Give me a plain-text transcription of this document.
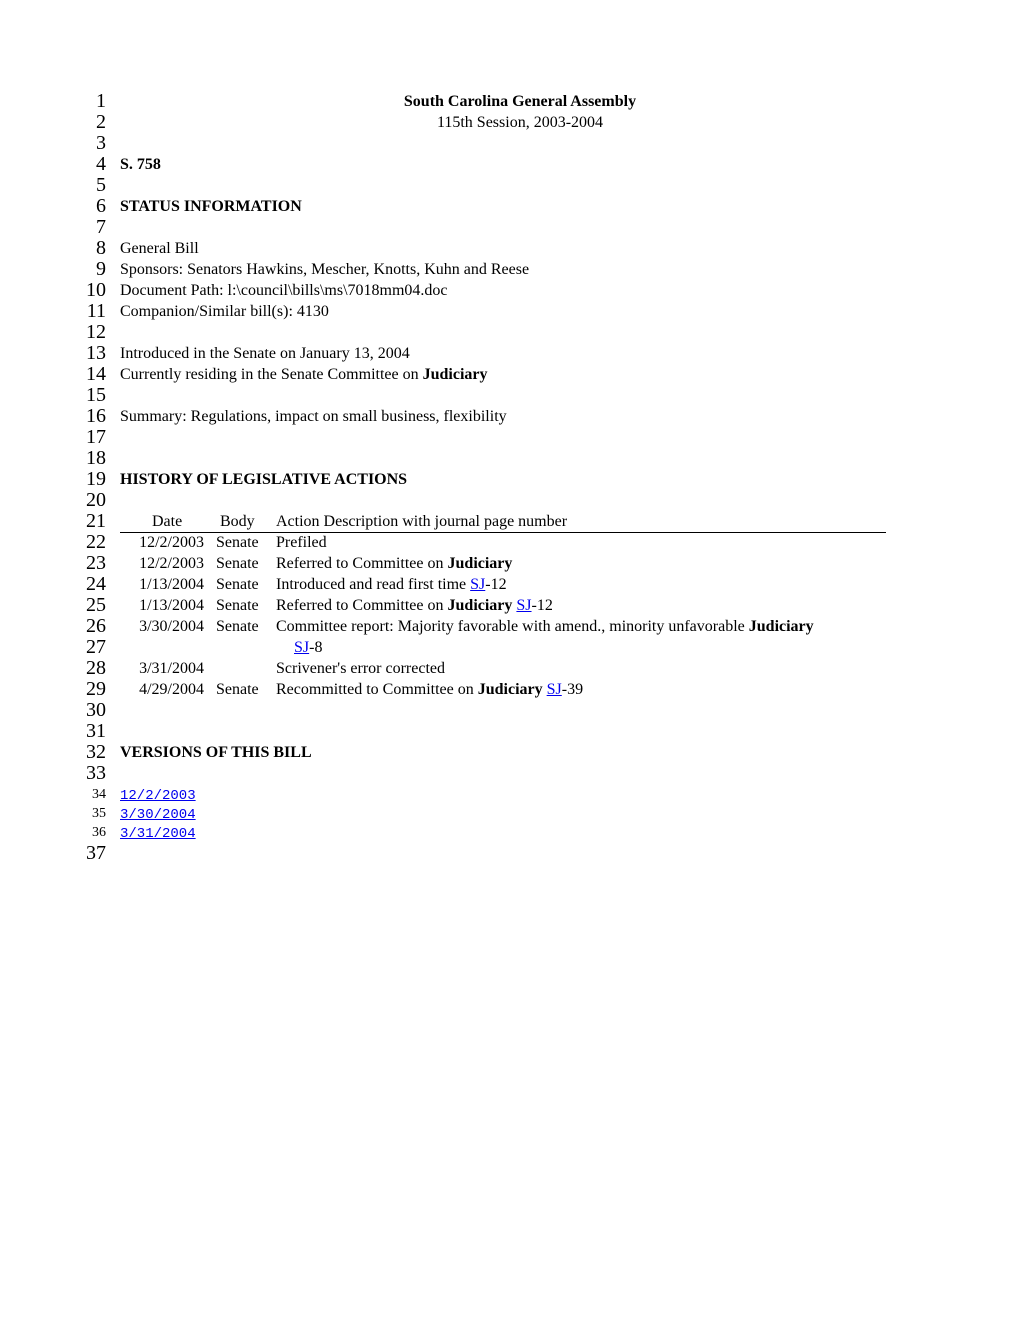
1
2
3
4
5
6
7
8
9
10
11
12
13
14
15
16
17
18
19
20
21
22
23
24
25
26
27
28
29
30
31
32
33
34
35
36
37
South Carolina General Assembly
115th Session, 2003-2004
S. 758
STATUS INFORMATION
General Bill
Sponsors: Senators Hawkins, Mescher, Knotts, Kuhn and Reese
Document Path: l:\council\bills\ms\7018mm04.doc
Companion/Similar bill(s): 4130
Introduced in the Senate on January 13, 2004
Currently residing in the Senate Committee on Judiciary
Summary: Regulations, impact on small business, flexibility
HISTORY OF LEGISLATIVE ACTIONS
Date Body Action Description with journal page number
12/2/2003 Senate Prefiled
12/2/2003 Senate Referred to Committee on Judiciary
1/13/2004 Senate Introduced and read first time SJ-12
1/13/2004 Senate Referred to Committee on Judiciary SJ-12
3/30/2004 Senate Committee report: Majority favorable with amend., minority unfavorable Judiciary
SJ-8
3/31/2004	Scrivener's error corrected
4/29/2004 Senate Recommitted to Committee on Judiciary SJ-39
VERSIONS OF THIS BILL
12/2/2003
3/30/2004
3/31/2004
